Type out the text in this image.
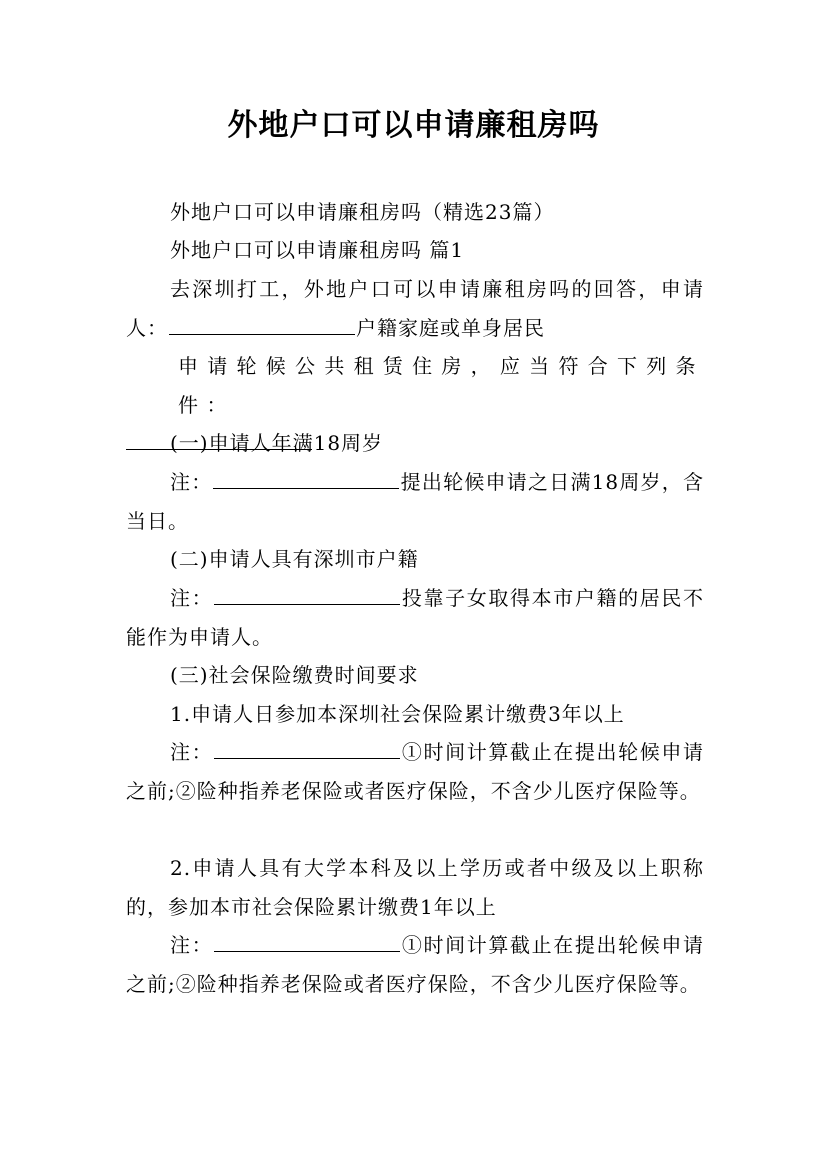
外地户口可以申请廉租房吗
外地户口可以申请廉租房吗（精选23篇）
外地户口可以申请廉租房吗 篇1
去深圳打工，外地户口可以申请廉租房吗的回答，申请人：	户籍家庭或单身居民
申请轮候公共租赁住房，应当符合下列条件：
(一)申请人年满18周岁
注：	提出轮候申请之日满18周岁，含当日。
(二)申请人具有深圳市户籍
注：	投靠子女取得本市户籍的居民不能作为申请人。
(三)社会保险缴费时间要求
1.申请人日参加本深圳社会保险累计缴费3年以上
注：	①时间计算截止在提出轮候申请之前;②险种指养老保险或者医疗保险，不含少儿医疗保险等。
2.申请人具有大学本科及以上学历或者中级及以上职称的，参加本市社会保险累计缴费1年以上
注：	①时间计算截止在提出轮候申请之前;②险种指养老保险或者医疗保险，不含少儿医疗保险等。
